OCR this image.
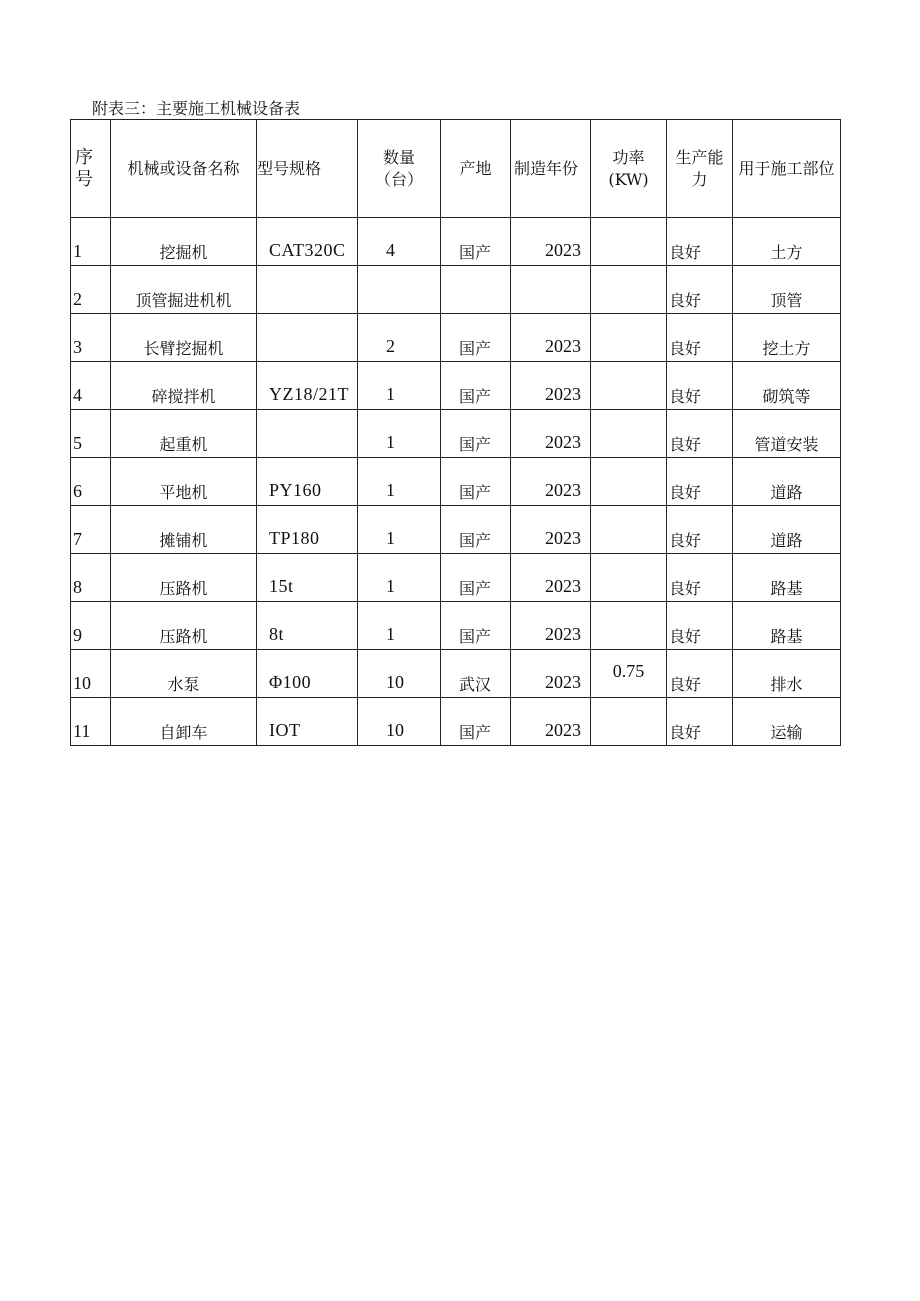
附表三：主要施工机械设备表
序号	机械或设备名称	型号规格	数量（台）	产地	制造年份	功率(KW)	生产能力	用于施工部位

1	挖掘机	CAT320C	4	国产	2023		良好	土方

2	顶管掘进机机						良好	顶管

3	长臂挖掘机		2	国产	2023		良好	挖土方

4	碎搅拌机	YZ18/21T	1	国产	2023		良好	砌筑等

5	起重机		1	国产	2023		良好	管道安装

6	平地机	PY160	1	国产	2023		良好	道路

7	摊铺机	TP180	1	国产	2023		良好	道路

8	压路机	15t	1	国产	2023		良好	路基

9	压路机	8t	1	国产	2023		良好	路基

10	水泵	Φ100	10	武汉	2023	0.75	良好	排水

11	自卸车	IOT	10	国产	2023		良好	运输
